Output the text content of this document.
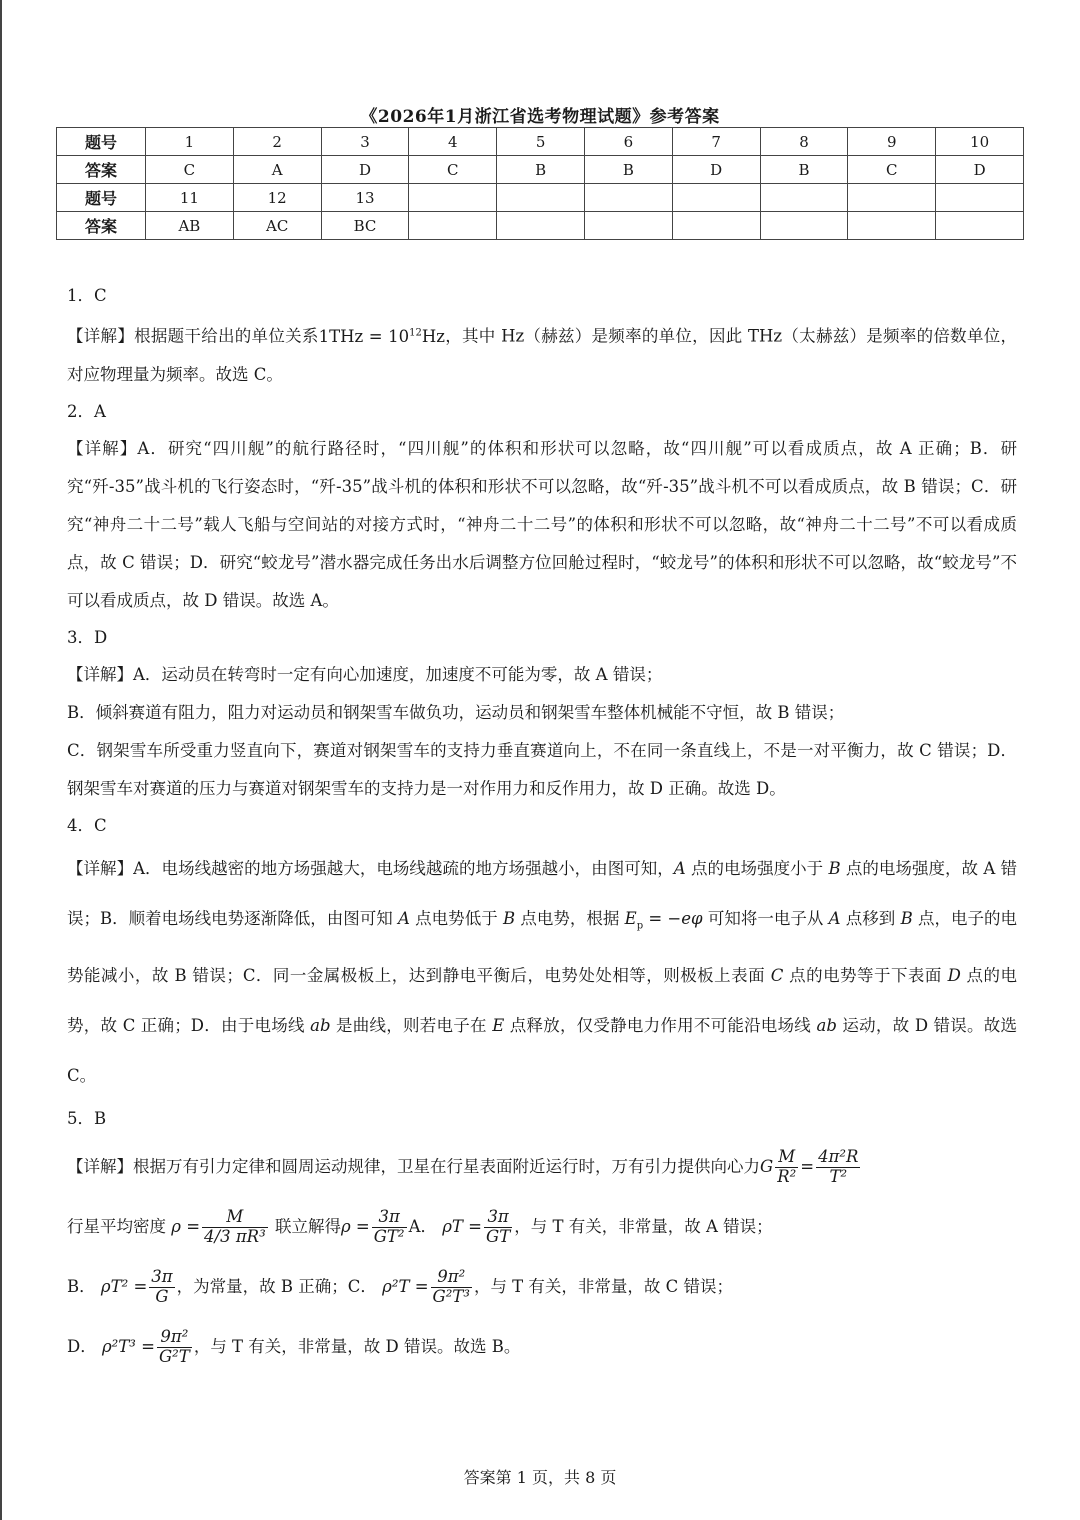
《2026年1月浙江省选考物理试题》参考答案
题号	1	2	3	4	5	6	7	8	9	10
答案	C	A	D	C	B	B	D	B	C	D
题号	11	12	13							
答案	AB	AC	BC							
1．C

【详解】根据题干给出的单位关系$1THz = 10^{12}Hz$，其中 Hz（赫兹）是频率的单位，因此 THz（太赫兹）是频率的倍数单位，对应物理量为频率。故选 C。

2．A

【详解】A．研究“四川舰”的航行路径时，“四川舰”的体积和形状可以忽略，故“四川舰”可以看成质点，故 A 正确；B．研究“歼-35”战斗机的飞行姿态时，“歼-35”战斗机的体积和形状不可以忽略，故“歼-35”战斗机不可以看成质点，故 B 错误；C．研究“神舟二十二号”载人飞船与空间站的对接方式时，“神舟二十二号”的体积和形状不可以忽略，故“神舟二十二号”不可以看成质点，故 C 错误；D．研究“蛟龙号”潜水器完成任务出水后调整方位回舱过程时，“蛟龙号”的体积和形状不可以忽略，故“蛟龙号”不可以看成质点，故 D 错误。故选 A。

3．D

【详解】A．运动员在转弯时一定有向心加速度，加速度不可能为零，故 A 错误；

B．倾斜赛道有阻力，阻力对运动员和钢架雪车做负功，运动员和钢架雪车整体机械能不守恒，故 B 错误；

C．钢架雪车所受重力竖直向下，赛道对钢架雪车的支持力垂直赛道向上，不在同一条直线上，不是一对平衡力，故 C 错误；D．钢架雪车对赛道的压力与赛道对钢架雪车的支持力是一对作用力和反作用力，故 D 正确。故选 D。

4．C

【详解】A．电场线越密的地方场强越大，电场线越疏的地方场强越小，由图可知，A 点的电场强度小于 B 点的电场强度，故 A 错误；B．顺着电场线电势逐渐降低，由图可知 A 点电势低于 B 点电势，根据 $E_p = -e\varphi$ 可知将一电子从 A 点移到 B 点，电子的电势能减小，故 B 错误；C．同一金属极板上，达到静电平衡后，电势处处相等，则极板上表面 C 点的电势等于下表面 D 点的电势，故 C 正确；D．由于电场线 ab 是曲线，则若电子在 E 点释放，仅受静电力作用不可能沿电场线 ab 运动，故 D 错误。故选 C。

5．B

【详解】根据万有引力定律和圆周运动规律，卫星在行星表面附近运行时，万有引力提供向心力G $\frac{M}{\text{R²}} = \frac{\text{4π²R}}{\text{T²}}$

行星平均密度 $\rho = \frac{M}{\text{4/3 πR³}}$ 联立解得$\rho = \frac{3\pi}{\text{GT²}}$ A． $\rho T = \frac{3\pi}{GT}$ ，与 T 有关，非常量，故 A 错误；

B． $\rho T^2 = \frac{3\pi}{G}$ ，为常量，故 B 正确；C． $\rho^2T = \frac{\text{9π²}}{\text{G²T³}}$ ，与 T 有关，非常量，故 C 错误；

D． $\rho^2T^3 = \frac{\text{9π²}}{\text{G²T}}$ ，与 T 有关，非常量，故 D 错误。故选 B。

答案第 1 页，共 8 页
